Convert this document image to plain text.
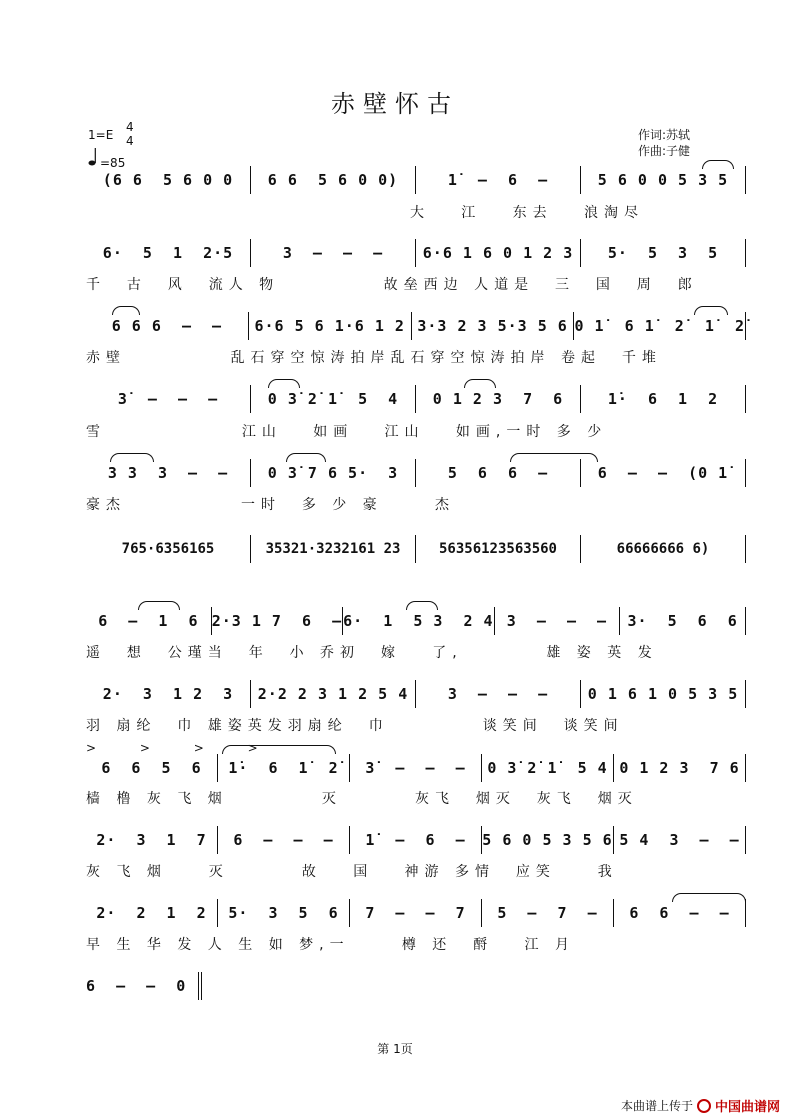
赤壁怀古
1=E
4
4
=85
作词:苏轼
作曲:子健
(6 6  5 6 0 0	6 6  5 6 0 0)	1̇  –  6  –	5 6 0 0 5 3 5
大   江   东去   浪淘尽
6·  5  1  2·5	3  –  –  –	6·6 1 6 0 1 2 3	5·  5  3  5
千  古  风  流人 物          故垒西边 人道是  三  国  周  郎
6 6 6  –  –	6·6 5 6 1·6 1 2 3·3 2 3 5·3 5 6 0 1̇  6 1̇  2̇  1̇  2̇
赤壁          乱石穿空惊涛拍岸乱石穿空惊涛拍岸 卷起  千堆
3̇  –  –  –	0 3̇ 2̇ 1̇  5  4	0 1 2 3  7  6	1̇·  6  1  2
雪             江山   如画   江山   如画,一时 多 少
3 3  3  –  –	0 3̇ 7 6 5·  3	5  6  6  –	6  –  –  (0 1̇
豪杰           一时  多 少 豪     杰
765·6356165	35321·3232161 23	56356123563560	66666666 6)
6  –  1  6 2·3 1 7  6  – 6·  1  5 3  2 4 3  –  –  –	3·  5  6  6
遥  想  公瑾当  年  小 乔初  嫁   了,        雄 姿 英 发
2·  3  1 2  3	2·2 2 3 1 2 5 4	3  –  –  –	0 1 6 1 0 5 3 5
羽 扇纶  巾 雄姿英发羽扇纶  巾         谈笑间  谈笑间
> > > >
6  6  5  6	1̇·  6  1̇  2̇	3̇  –  –  –	0 3̇ 2̇ 1̇  5 4 0 1 2 3  7 6
樯 橹 灰 飞 烟         灭       灰飞  烟灭  灰飞  烟灭
2·  3  1  7	6  –  –  –	1̇  –  6  –	5 6 0 5 3 5 6 5 4  3  –  –
灰 飞 烟    灭       故   国   神游 多情  应笑    我
2·  2  1  2	5·  3  5  6	7  –  –  7	5  –  7  –	6  6  –  –
早 生 华 发 人 生 如 梦,一     樽 还  酹   江 月
6  –  –  0
第 1页
本曲谱上传于 中国曲谱网
